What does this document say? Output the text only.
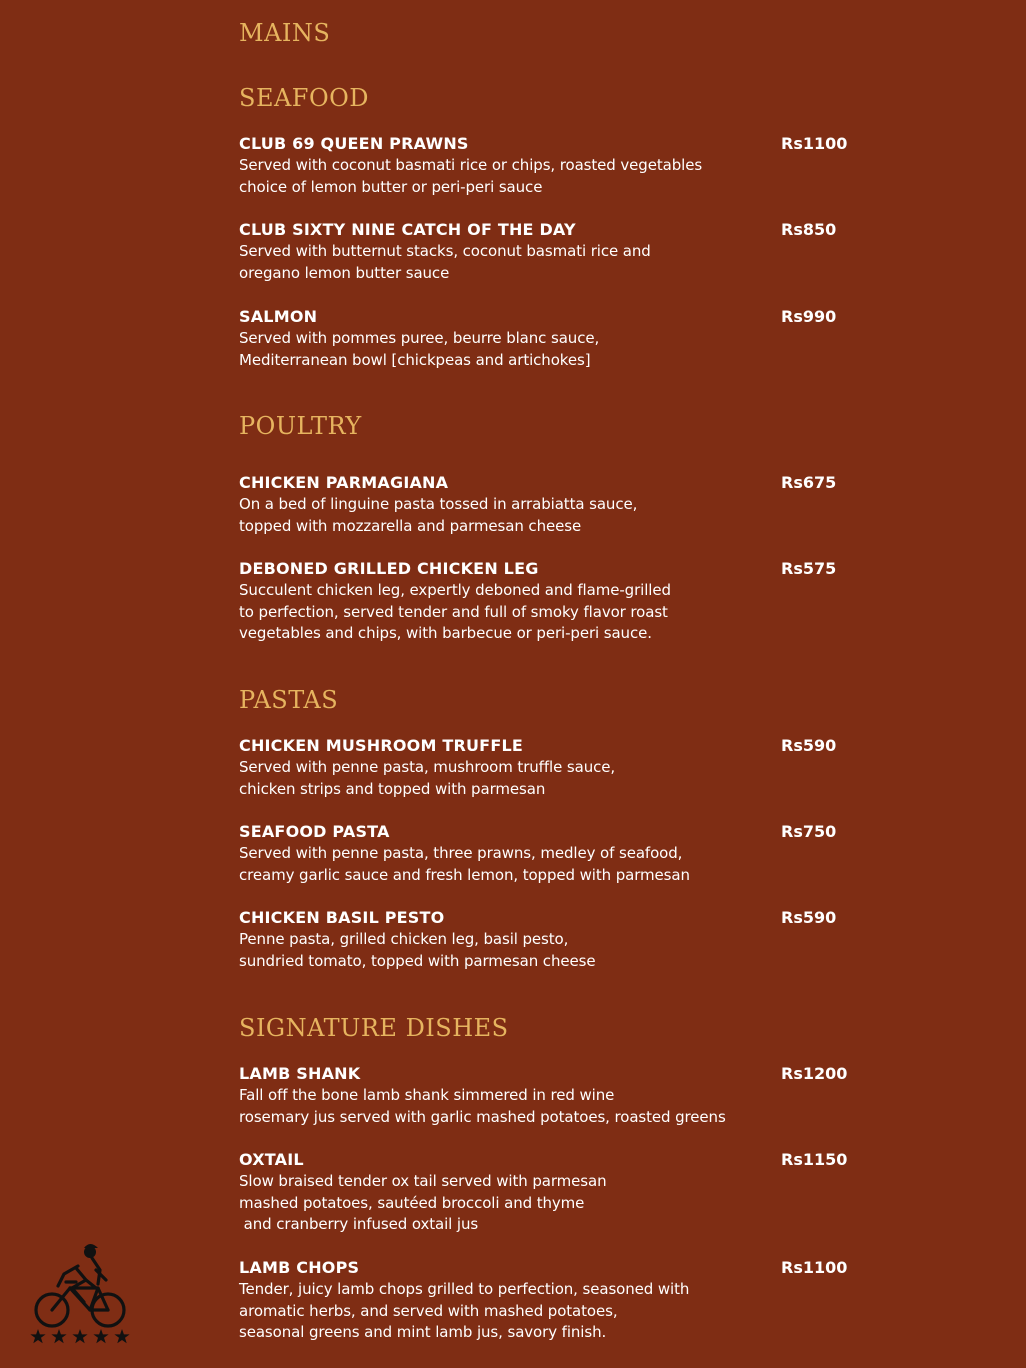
MAINS
SEAFOOD
CLUB 69 QUEEN PRAWNS	Rs1100
Served with coconut basmati rice or chips, roasted vegetables
choice of lemon butter or peri-peri sauce
CLUB SIXTY NINE CATCH OF THE DAY	Rs850
Served with butternut stacks, coconut basmati rice and
oregano lemon butter sauce
SALMON	Rs990
Served with pommes puree, beurre blanc sauce,
Mediterranean bowl [chickpeas and artichokes]
POULTRY
CHICKEN PARMAGIANA	Rs675
On a bed of linguine pasta tossed in arrabiatta sauce,
topped with mozzarella and parmesan cheese
DEBONED GRILLED CHICKEN LEG	Rs575
Succulent chicken leg, expertly deboned and flame-grilled
to perfection, served tender and full of smoky flavor roast
vegetables and chips, with barbecue or peri-peri sauce.
PASTAS
CHICKEN MUSHROOM TRUFFLE	Rs590
Served with penne pasta, mushroom truffle sauce,
chicken strips and topped with parmesan
SEAFOOD PASTA	Rs750
Served with penne pasta, three prawns, medley of seafood,
creamy garlic sauce and fresh lemon, topped with parmesan
CHICKEN BASIL PESTO	Rs590
Penne pasta, grilled chicken leg, basil pesto,
sundried tomato, topped with parmesan cheese
SIGNATURE DISHES
LAMB SHANK	Rs1200
Fall off the bone lamb shank simmered in red wine
rosemary jus served with garlic mashed potatoes, roasted greens
OXTAIL	Rs1150
Slow braised tender ox tail served with parmesan
mashed potatoes, sautéed broccoli and thyme
and cranberry infused oxtail jus
LAMB CHOPS	Rs1100
Tender, juicy lamb chops grilled to perfection, seasoned with
aromatic herbs, and served with mashed potatoes,
seasonal greens and mint lamb jus, savory finish.
